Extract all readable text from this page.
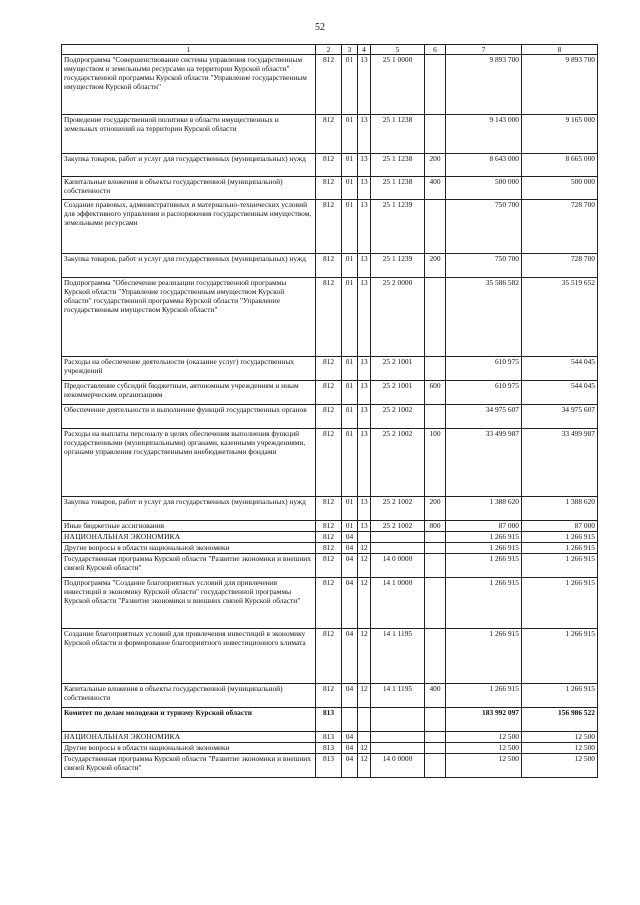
52
1	2	3	4	5	6	7	8
Подпрограмма "Совершенствование системы управления государственным имуществом и земельными ресурсами на территории Курской области" государственной программы Курской области "Управление государственным имуществом Курской области"	812	01	13	25 1 0000		9 893 700	9 893 700
Проведение государственной политики в области имущественных и земельных отношений на территории Курской области	812	01	13	25 1 1238		9 143 000	9 165 000
Закупка товаров, работ и услуг для государственных (муниципальных) нужд	812	01	13	25 1 1238	200	8 643 000	8 665 000
Капитальные вложения в объекты государственной (муниципальной) собственности	812	01	13	25 1 1238	400	500 000	500 000
Создание правовых, административных и материально-технических условий для эффективного управления и распоряжения государственным имуществом, земельными ресурсами	812	01	13	25 1 1239		750 700	728 700
Закупка товаров, работ и услуг для государственных (муниципальных) нужд	812	01	13	25 1 1239	200	750 700	728 700
Подпрограмма "Обеспечение реализации государственной программы Курской области "Управление государственным имуществом Курской области" государственной программы Курской области "Управление государственным имуществом Курской области"	812	01	13	25 2 0000		35 586 582	35 519 652
Расходы на обеспечение деятельности (оказание услуг) государственных учреждений	812	01	13	25 2 1001		610 975	544 045
Предоставление субсидий бюджетным, автономным учреждениям и иным некоммерческим организациям	812	01	13	25 2 1001	600	610 975	544 045
Обеспечение деятельности и выполнение функций государственных органов	812	01	13	25 2 1002		34 975 607	34 975 607
Расходы на выплаты персоналу в целях обеспечения выполнения функций государственными (муниципальными) органами, казенными учреждениями, органами управления государственными внебюджетными фондами	812	01	13	25 2 1002	100	33 499 987	33 499 987
Закупка товаров, работ и услуг для государственных (муниципальных) нужд	812	01	13	25 2 1002	200	1 388 620	1 388 620
Иные бюджетные ассигнования	812	01	13	25 2 1002	800	87 000	87 000
НАЦИОНАЛЬНАЯ ЭКОНОМИКА	812	04				1 266 915	1 266 915
Другие вопросы в области национальной экономики	812	04	12			1 266 915	1 266 915
Государственная программа Курской области "Развитие экономики и внешних связей Курской области"	812	04	12	14 0 0000		1 266 915	1 266 915
Подпрограмма "Создание благоприятных условий для привлечения инвестиций в экономику Курской области" государственной программы Курской области "Развитие экономики и внешних связей Курской области"	812	04	12	14 1 0000		1 266 915	1 266 915
Создание благоприятных условий для привлечения инвестиций в экономику Курской области и формирование благоприятного инвестиционного климата	812	04	12	14 1 1195		1 266 915	1 266 915
Капитальные вложения в объекты государственной (муниципальной) собственности	812	04	12	14 1 1195	400	1 266 915	1 266 915
Комитет по делам молодежи и туризму Курской области	813					183 992 097	156 986 522
НАЦИОНАЛЬНАЯ ЭКОНОМИКА	813	04				12 500	12 500
Другие вопросы в области национальной экономики	813	04	12			12 500	12 500
Государственная программа Курской области "Развитие экономики и внешних связей Курской области"	813	04	12	14 0 0000		12 500	12 500
